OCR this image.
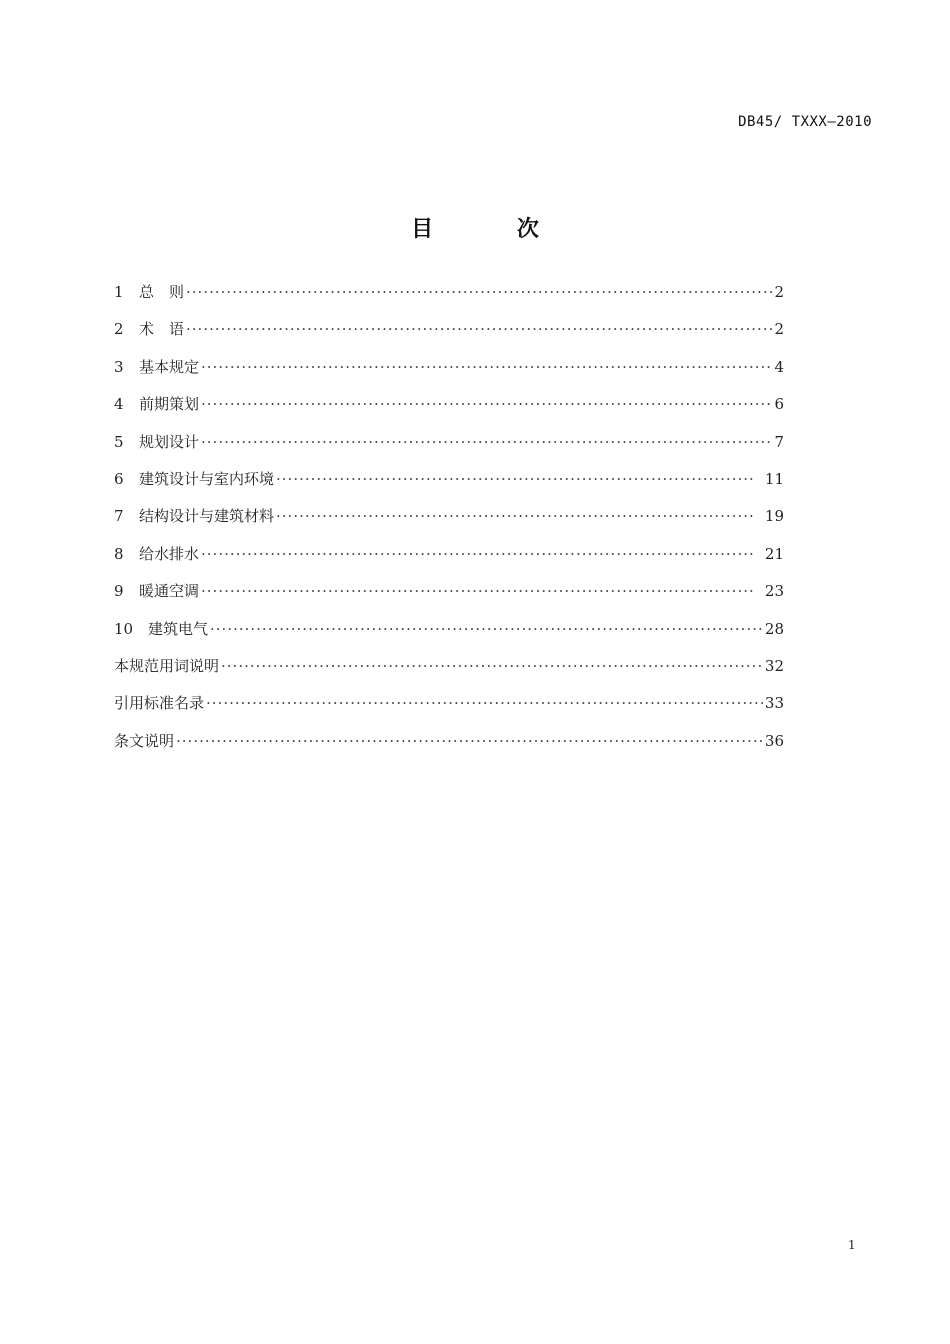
DB45/ TXXX—2010
目 次
1	总　则 ·····	2
2	术　语 ·····	2
3	基本规定 ·····	4
4	前期策划 ·····	6
5	规划设计 ·····	7
6	建筑设计与室内环境 ·····	11
7	结构设计与建筑材料 ·····	19
8	给水排水 ·····	21
9	暖通空调 ·····	23
10 建筑电气 ·····	28
本规范用词说明 ·····	32
引用标准名录 ·····	33
条文说明 ·····	36
1
